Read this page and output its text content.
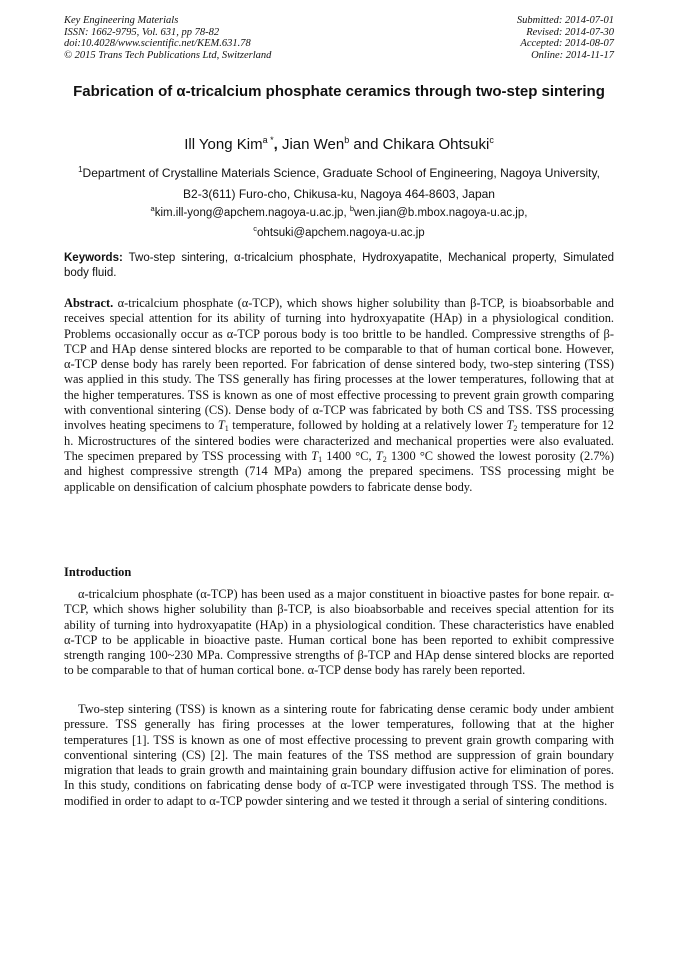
Key Engineering Materials
ISSN: 1662-9795, Vol. 631, pp 78-82
doi:10.4028/www.scientific.net/KEM.631.78
© 2015 Trans Tech Publications Ltd, Switzerland
Submitted: 2014-07-01
Revised: 2014-07-30
Accepted: 2014-08-07
Online: 2014-11-17
Fabrication of α-tricalcium phosphate ceramics through two-step sintering
Ill Yong Kim$^{a *}$, Jian Wen$^b$ and Chikara Ohtsuki$^c$
$^1$Department of Crystalline Materials Science, Graduate School of Engineering, Nagoya University,
B2-3(611) Furo-cho, Chikusa-ku, Nagoya 464-8603, Japan
$^a$kim.ill-yong@apchem.nagoya-u.ac.jp, $^b$wen.jian@b.mbox.nagoya-u.ac.jp,
$^c$ohtsuki@apchem.nagoya-u.ac.jp
Keywords: Two-step sintering, α-tricalcium phosphate, Hydroxyapatite, Mechanical property, Simulated body fluid.
Abstract. α-tricalcium phosphate (α-TCP), which shows higher solubility than β-TCP, is bioabsorbable and receives special attention for its ability of turning into hydroxyapatite (HAp) in a physiological condition. Problems occasionally occur as α-TCP porous body is too brittle to be handled. Compressive strengths of β-TCP and HAp dense sintered blocks are reported to be comparable to that of human cortical bone. However, α-TCP dense body has rarely been reported. For fabrication of dense sintered body, two-step sintering (TSS) was applied in this study. The TSS generally has firing processes at the lower temperatures, following that at the higher temperatures. TSS is known as one of most effective processing to prevent grain growth comparing with conventional sintering (CS). Dense body of α-TCP was fabricated by both CS and TSS. TSS processing involves heating specimens to $T_1$ temperature, followed by holding at a relatively lower $T_2$ temperature for 12 h. Microstructures of the sintered bodies were characterized and mechanical properties were also evaluated. The specimen prepared by TSS processing with $T_1$ 1400 °C, $T_2$ 1300 °C showed the lowest porosity (2.7%) and highest compressive strength (714 MPa) among the prepared specimens. TSS processing might be applicable on densification of calcium phosphate powders to fabricate dense body.
Introduction
α-tricalcium phosphate (α-TCP) has been used as a major constituent in bioactive pastes for bone repair. α-TCP, which shows higher solubility than β-TCP, is also bioabsorbable and receives special attention for its ability of turning into hydroxyapatite (HAp) in a physiological condition. These characteristics have enabled α-TCP to be applicable in bioactive paste. Human cortical bone has been reported to exhibit compressive strength ranging 100~230 MPa. Compressive strengths of β-TCP and HAp dense sintered blocks are reported to be comparable to that of human cortical bone. α-TCP dense body has rarely been reported.
Two-step sintering (TSS) is known as a sintering route for fabricating dense ceramic body under ambient pressure. TSS generally has firing processes at the lower temperatures, following that at the higher temperatures [1]. TSS is known as one of most effective processing to prevent grain growth comparing with conventional sintering (CS) [2]. The main features of the TSS method are suppression of grain boundary migration that leads to grain growth and maintaining grain boundary diffusion active for elimination of pores. In this study, conditions on fabricating dense body of α-TCP were investigated through TSS. The method is modified in order to adapt to α-TCP powder sintering and we tested it through a serial of sintering conditions.
